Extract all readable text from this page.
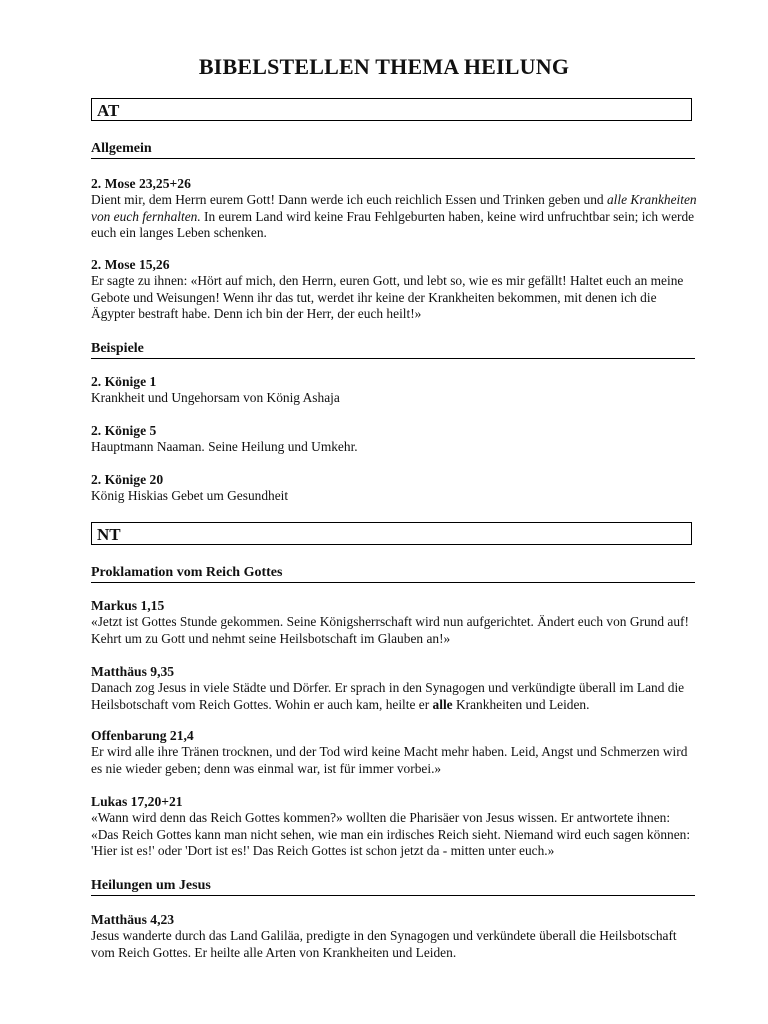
BIBELSTELLEN THEMA HEILUNG
AT
Allgemein
2. Mose 23,25+26

Dient mir, dem Herrn eurem Gott! Dann werde ich euch reichlich Essen und Trinken geben und alle Krankheiten von euch fernhalten. In eurem Land wird keine Frau Fehlgeburten haben, keine wird unfruchtbar sein; ich werde euch ein langes Leben schenken.

2. Mose 15,26

Er sagte zu ihnen: «Hört auf mich, den Herrn, euren Gott, und lebt so, wie es mir gefällt! Haltet euch an meine Gebote und Weisungen! Wenn ihr das tut, werdet ihr keine der Krankheiten bekommen, mit denen ich die Ägypter bestraft habe. Denn ich bin der Herr, der euch heilt!»

Beispiele
2. Könige 1

Krankheit und Ungehorsam von König Ashaja

2. Könige 5

Hauptmann Naaman. Seine Heilung und Umkehr.

2. Könige 20

König Hiskias Gebet um Gesundheit

NT
Proklamation vom Reich Gottes
Markus 1,15

«Jetzt ist Gottes Stunde gekommen. Seine Königsherrschaft wird nun aufgerichtet. Ändert euch von Grund auf! Kehrt um zu Gott und nehmt seine Heilsbotschaft im Glauben an!»

Matthäus 9,35

Danach zog Jesus in viele Städte und Dörfer. Er sprach in den Synagogen und verkündigte überall im Land die Heilsbotschaft vom Reich Gottes. Wohin er auch kam, heilte er alle Krankheiten und Leiden.

Offenbarung 21,4

Er wird alle ihre Tränen trocknen, und der Tod wird keine Macht mehr haben. Leid, Angst und Schmerzen wird es nie wieder geben; denn was einmal war, ist für immer vorbei.»

Lukas 17,20+21

«Wann wird denn das Reich Gottes kommen?» wollten die Pharisäer von Jesus wissen. Er antwortete ihnen: «Das Reich Gottes kann man nicht sehen, wie man ein irdisches Reich sieht. Niemand wird euch sagen können: 'Hier ist es!' oder 'Dort ist es!' Das Reich Gottes ist schon jetzt da - mitten unter euch.»

Heilungen um Jesus
Matthäus 4,23

Jesus wanderte durch das Land Galiläa, predigte in den Synagogen und verkündete überall die Heilsbotschaft vom Reich Gottes. Er heilte alle Arten von Krankheiten und Leiden.
